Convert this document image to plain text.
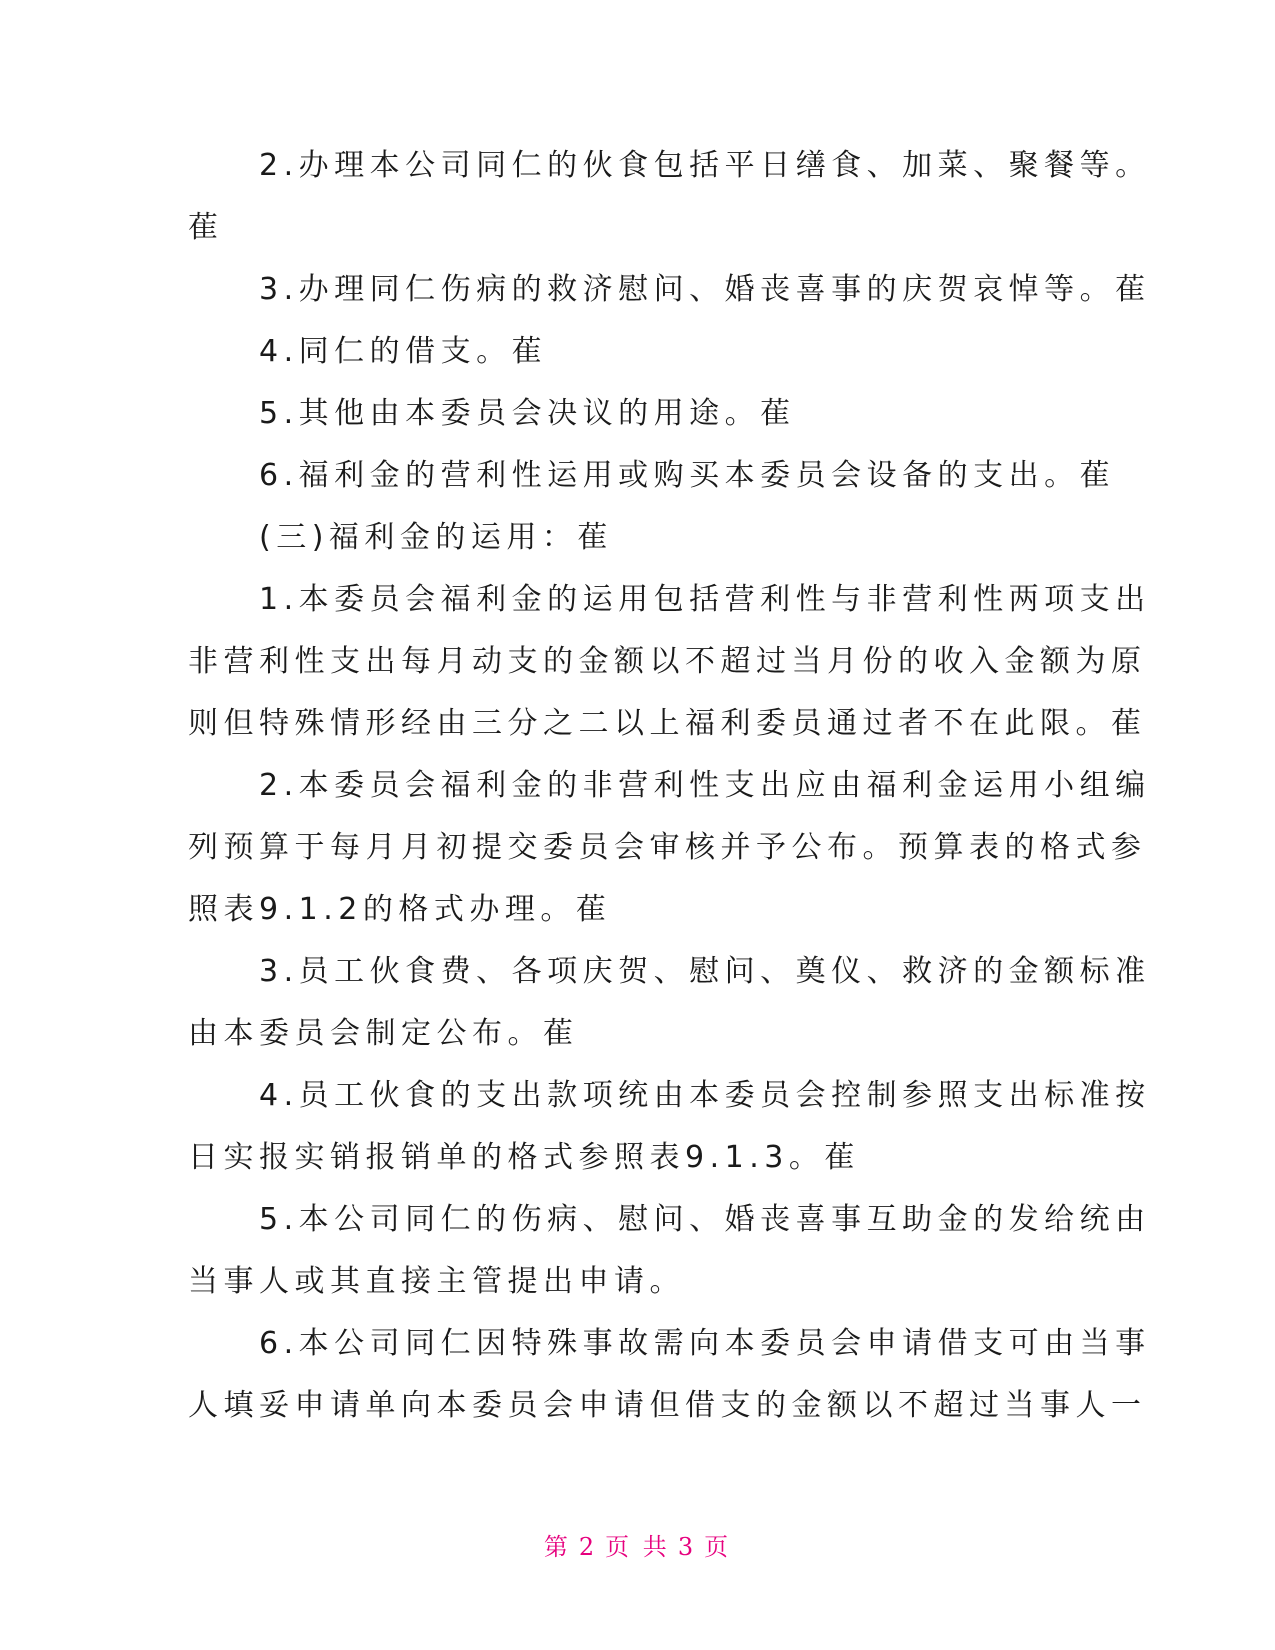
　　2.办理本公司同仁的伙食包括平日缮食、加菜、聚餐等。
萑
　　3.办理同仁伤病的救济慰问、婚丧喜事的庆贺哀悼等。萑
　　4.同仁的借支。萑
　　5.其他由本委员会决议的用途。萑
　　6.福利金的营利性运用或购买本委员会设备的支出。萑
　　(三)福利金的运用：萑
　　1.本委员会福利金的运用包括营利性与非营利性两项支出
非营利性支出每月动支的金额以不超过当月份的收入金额为原
则但特殊情形经由三分之二以上福利委员通过者不在此限。萑
　　2.本委员会福利金的非营利性支出应由福利金运用小组编
列预算于每月月初提交委员会审核并予公布。预算表的格式参
照表9.1.2的格式办理。萑
　　3.员工伙食费、各项庆贺、慰问、奠仪、救济的金额标准
由本委员会制定公布。萑
　　4.员工伙食的支出款项统由本委员会控制参照支出标准按
日实报实销报销单的格式参照表9.1.3。萑
　　5.本公司同仁的伤病、慰问、婚丧喜事互助金的发给统由
当事人或其直接主管提出申请。
　　6.本公司同仁因特殊事故需向本委员会申请借支可由当事
人填妥申请单向本委员会申请但借支的金额以不超过当事人一
第 2 页 共 3 页
